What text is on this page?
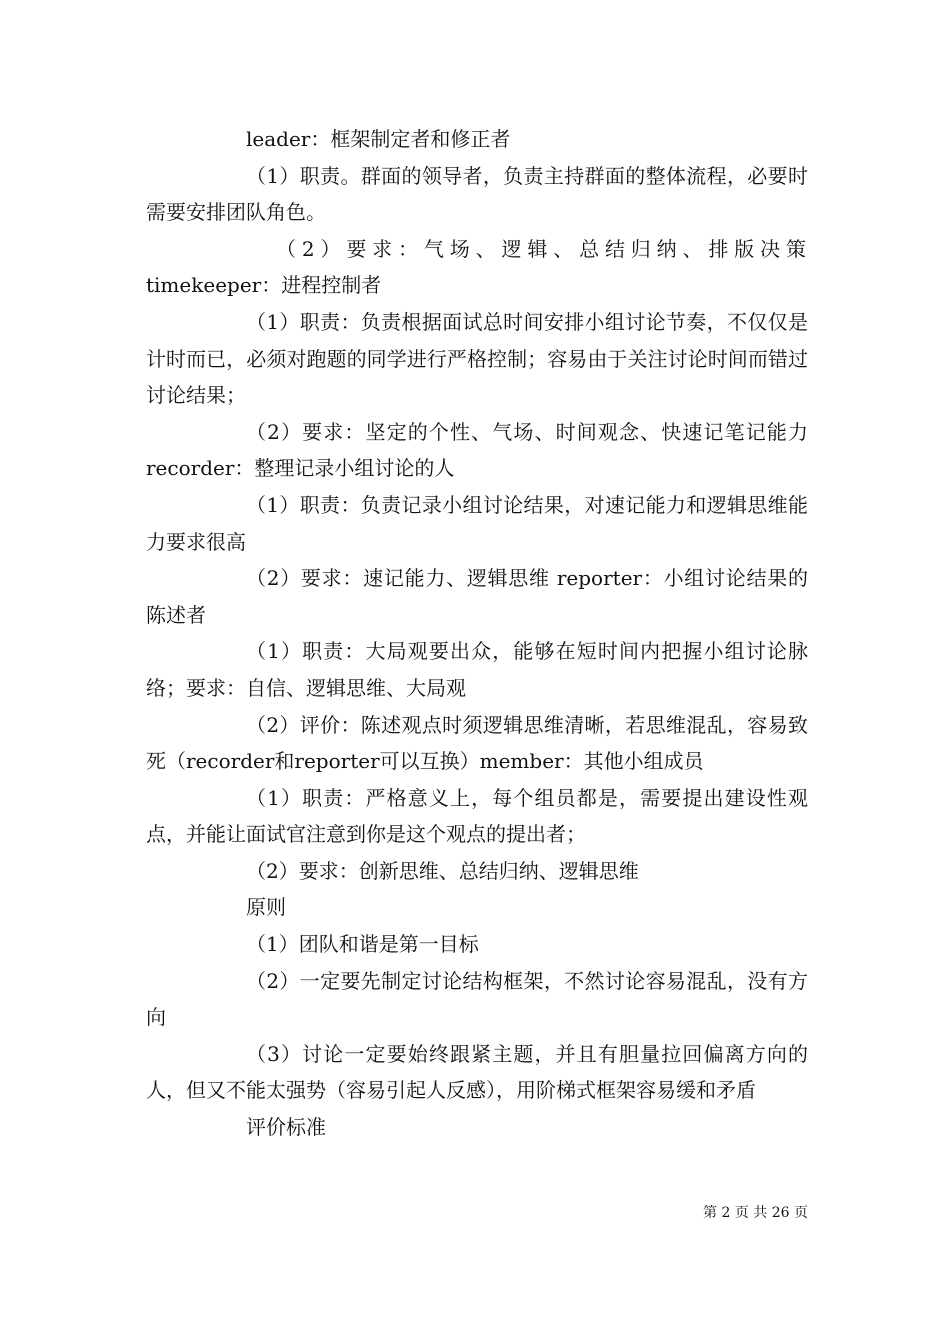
leader：框架制定者和修正者

（1）职责。群面的领导者，负责主持群面的整体流程，必要时需要安排团队角色。

（2）要求：气场、逻辑、总结归纳、排版决策

timekeeper：进程控制者

（1）职责：负责根据面试总时间安排小组讨论节奏，不仅仅是计时而已，必须对跑题的同学进行严格控制；容易由于关注讨论时间而错过讨论结果；

（2）要求：坚定的个性、气场、时间观念、快速记笔记能力recorder：整理记录小组讨论的人

（1）职责：负责记录小组讨论结果，对速记能力和逻辑思维能力要求很高

（2）要求：速记能力、逻辑思维 reporter：小组讨论结果的陈述者

（1）职责：大局观要出众，能够在短时间内把握小组讨论脉络；要求：自信、逻辑思维、大局观

（2）评价：陈述观点时须逻辑思维清晰，若思维混乱，容易致死（recorder和reporter可以互换）member：其他小组成员

（1）职责：严格意义上，每个组员都是，需要提出建设性观点，并能让面试官注意到你是这个观点的提出者；

（2）要求：创新思维、总结归纳、逻辑思维

原则

（1）团队和谐是第一目标

（2）一定要先制定讨论结构框架，不然讨论容易混乱，没有方向

（3）讨论一定要始终跟紧主题，并且有胆量拉回偏离方向的人，但又不能太强势（容易引起人反感），用阶梯式框架容易缓和矛盾

评价标准

第 2 页 共 26 页
